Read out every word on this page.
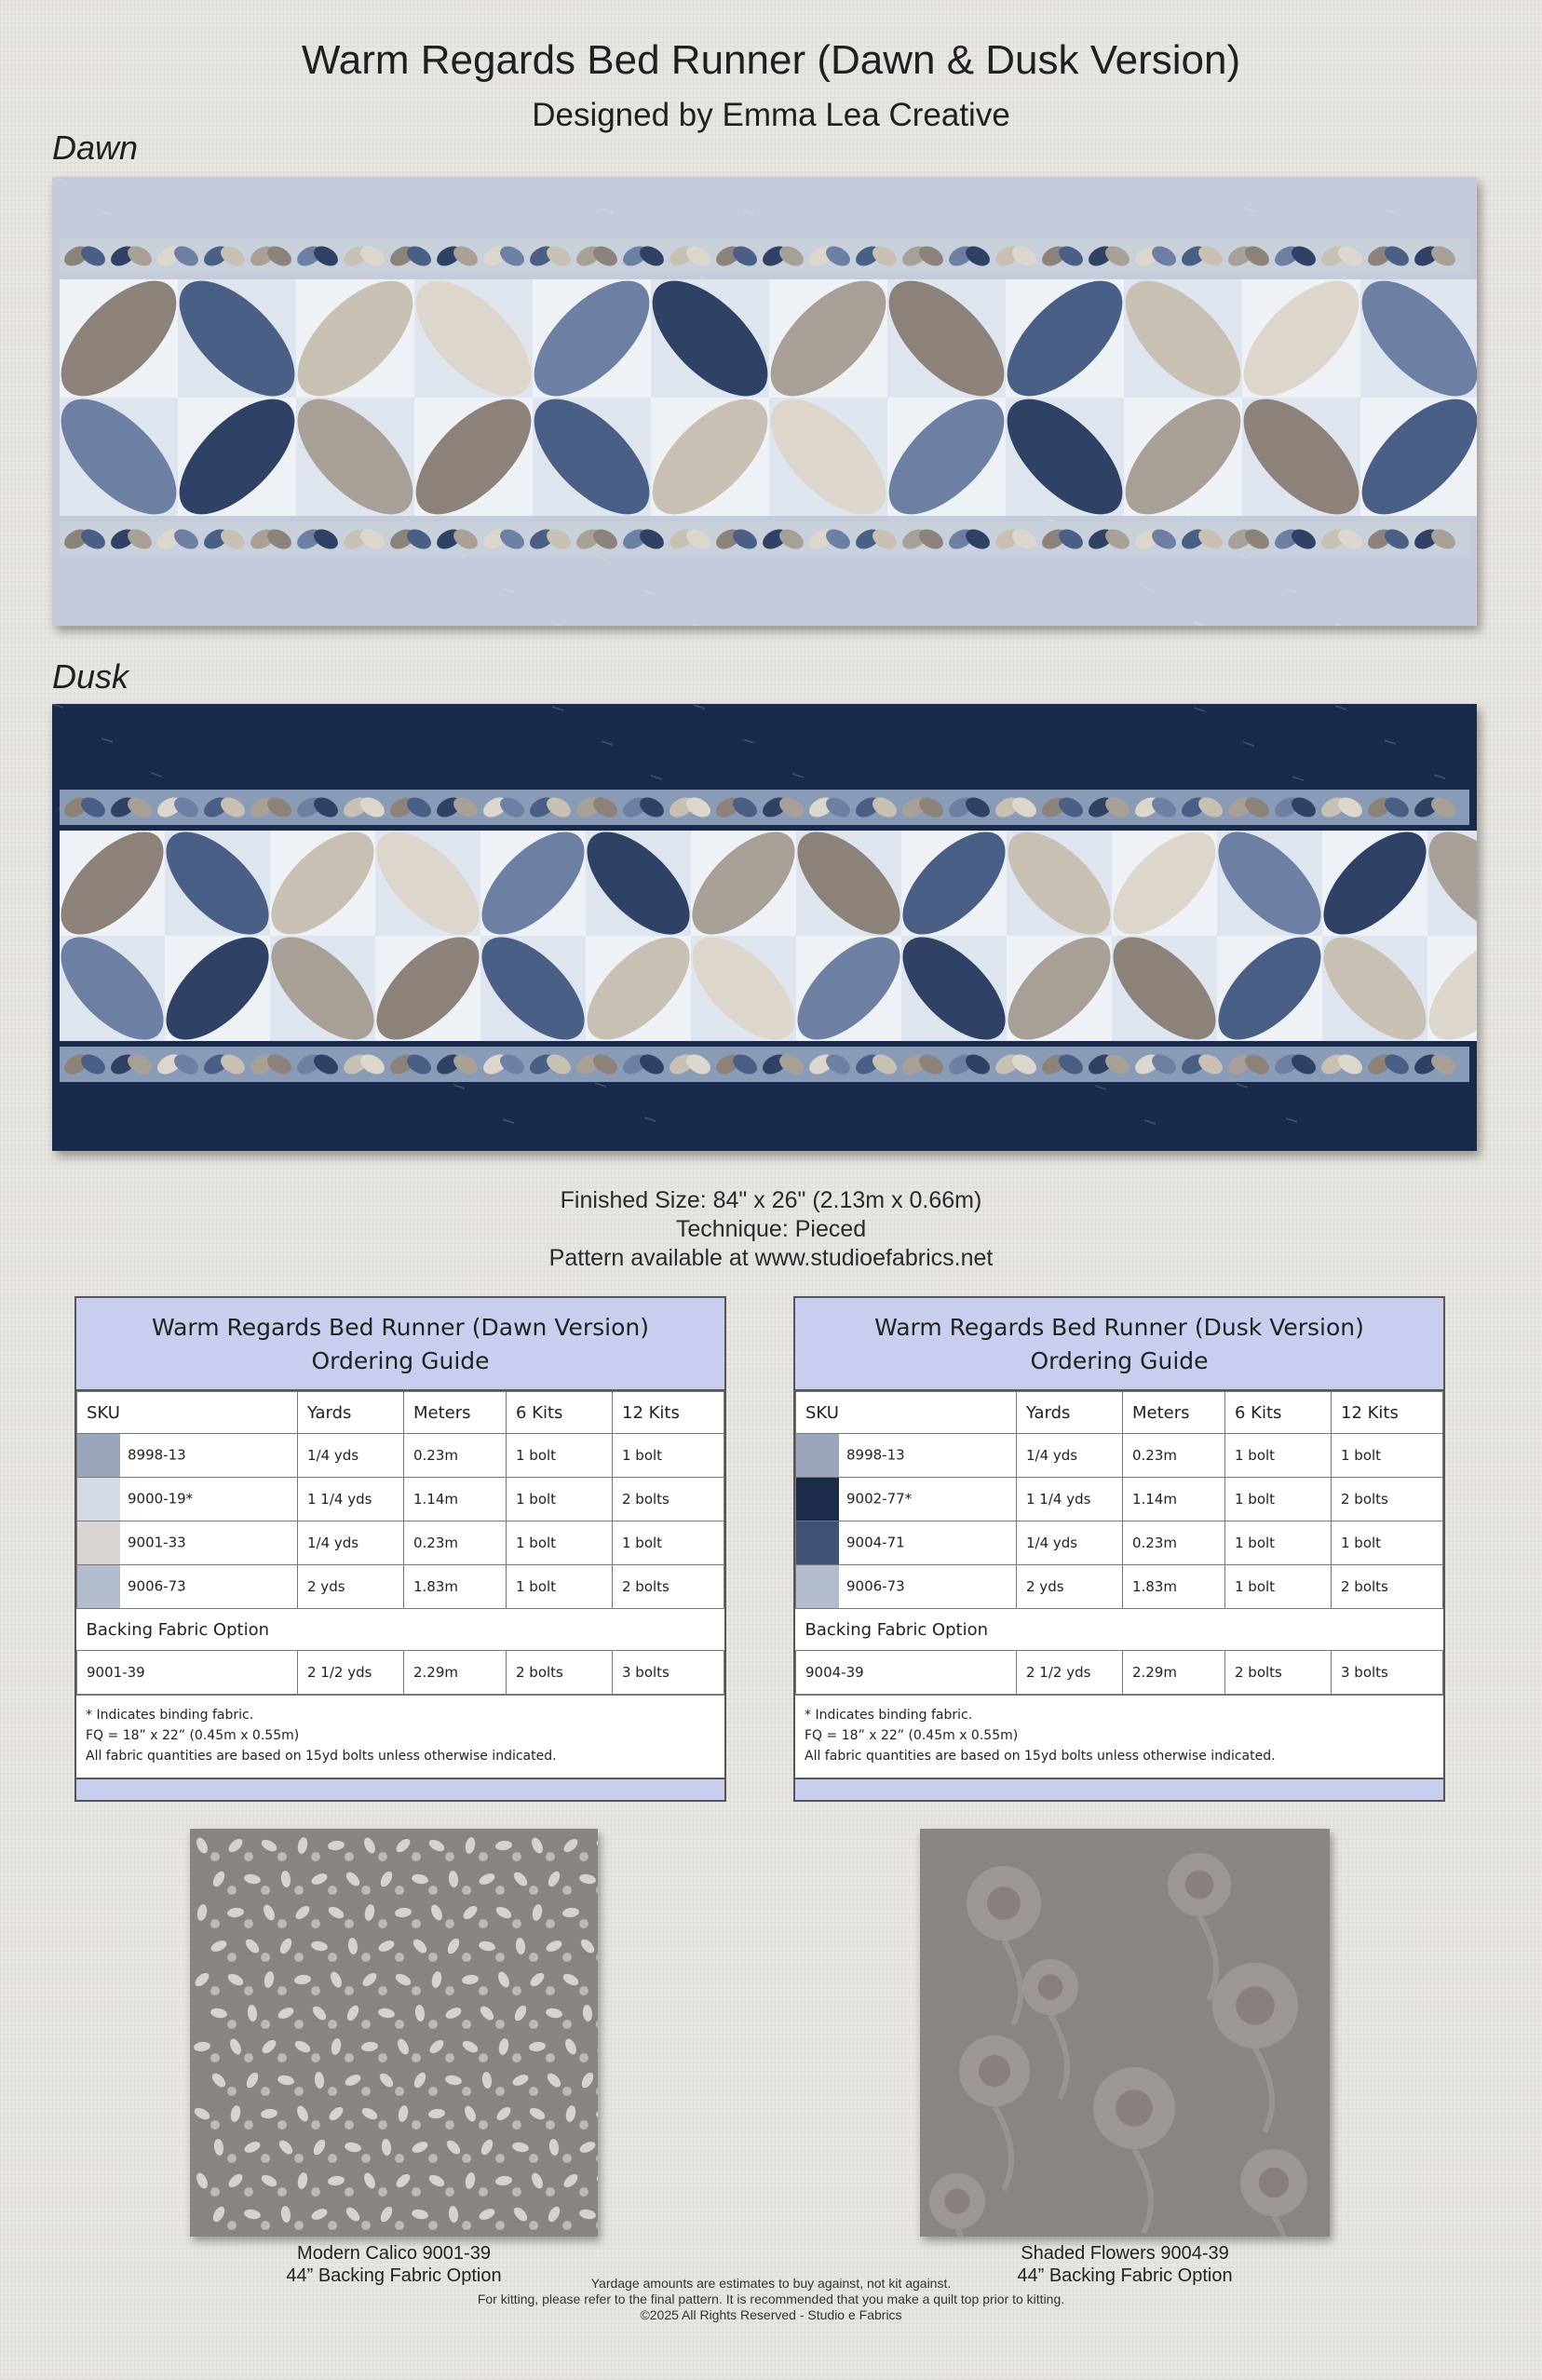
Warm Regards Bed Runner (Dawn & Dusk Version)
Designed by Emma Lea Creative
Dawn
Dusk
Finished Size: 84" x 26" (2.13m x 0.66m)
Technique: Pieced
Pattern available at www.studioefabrics.net
Warm Regards Bed Runner (Dawn Version)
Ordering Guide
SKU	Yards	Meters	6 Kits	12 Kits
8998-13	1/4 yds	0.23m	1 bolt	1 bolt
9000-19*	1 1/4 yds	1.14m	1 bolt	2 bolts
9001-33	1/4 yds	0.23m	1 bolt	1 bolt
9006-73	2 yds	1.83m	1 bolt	2 bolts
Backing Fabric Option				
9001-39	2 1/2 yds	2.29m	2 bolts	3 bolts
* Indicates binding fabric.
FQ = 18” x 22” (0.45m x 0.55m)
All fabric quantities are based on 15yd bolts unless otherwise indicated.
Warm Regards Bed Runner (Dusk Version)
Ordering Guide
SKU	Yards	Meters	6 Kits	12 Kits
8998-13	1/4 yds	0.23m	1 bolt	1 bolt
9002-77*	1 1/4 yds	1.14m	1 bolt	2 bolts
9004-71	1/4 yds	0.23m	1 bolt	1 bolt
9006-73	2 yds	1.83m	1 bolt	2 bolts
Backing Fabric Option				
9004-39	2 1/2 yds	2.29m	2 bolts	3 bolts
* Indicates binding fabric.
FQ = 18” x 22” (0.45m x 0.55m)
All fabric quantities are based on 15yd bolts unless otherwise indicated.
Modern Calico 9001-39
44” Backing Fabric Option
Shaded Flowers 9004-39
44” Backing Fabric Option
Yardage amounts are estimates to buy against, not kit against.
For kitting, please refer to the final pattern. It is recommended that you make a quilt top prior to kitting.
©2025 All Rights Reserved - Studio e Fabrics
